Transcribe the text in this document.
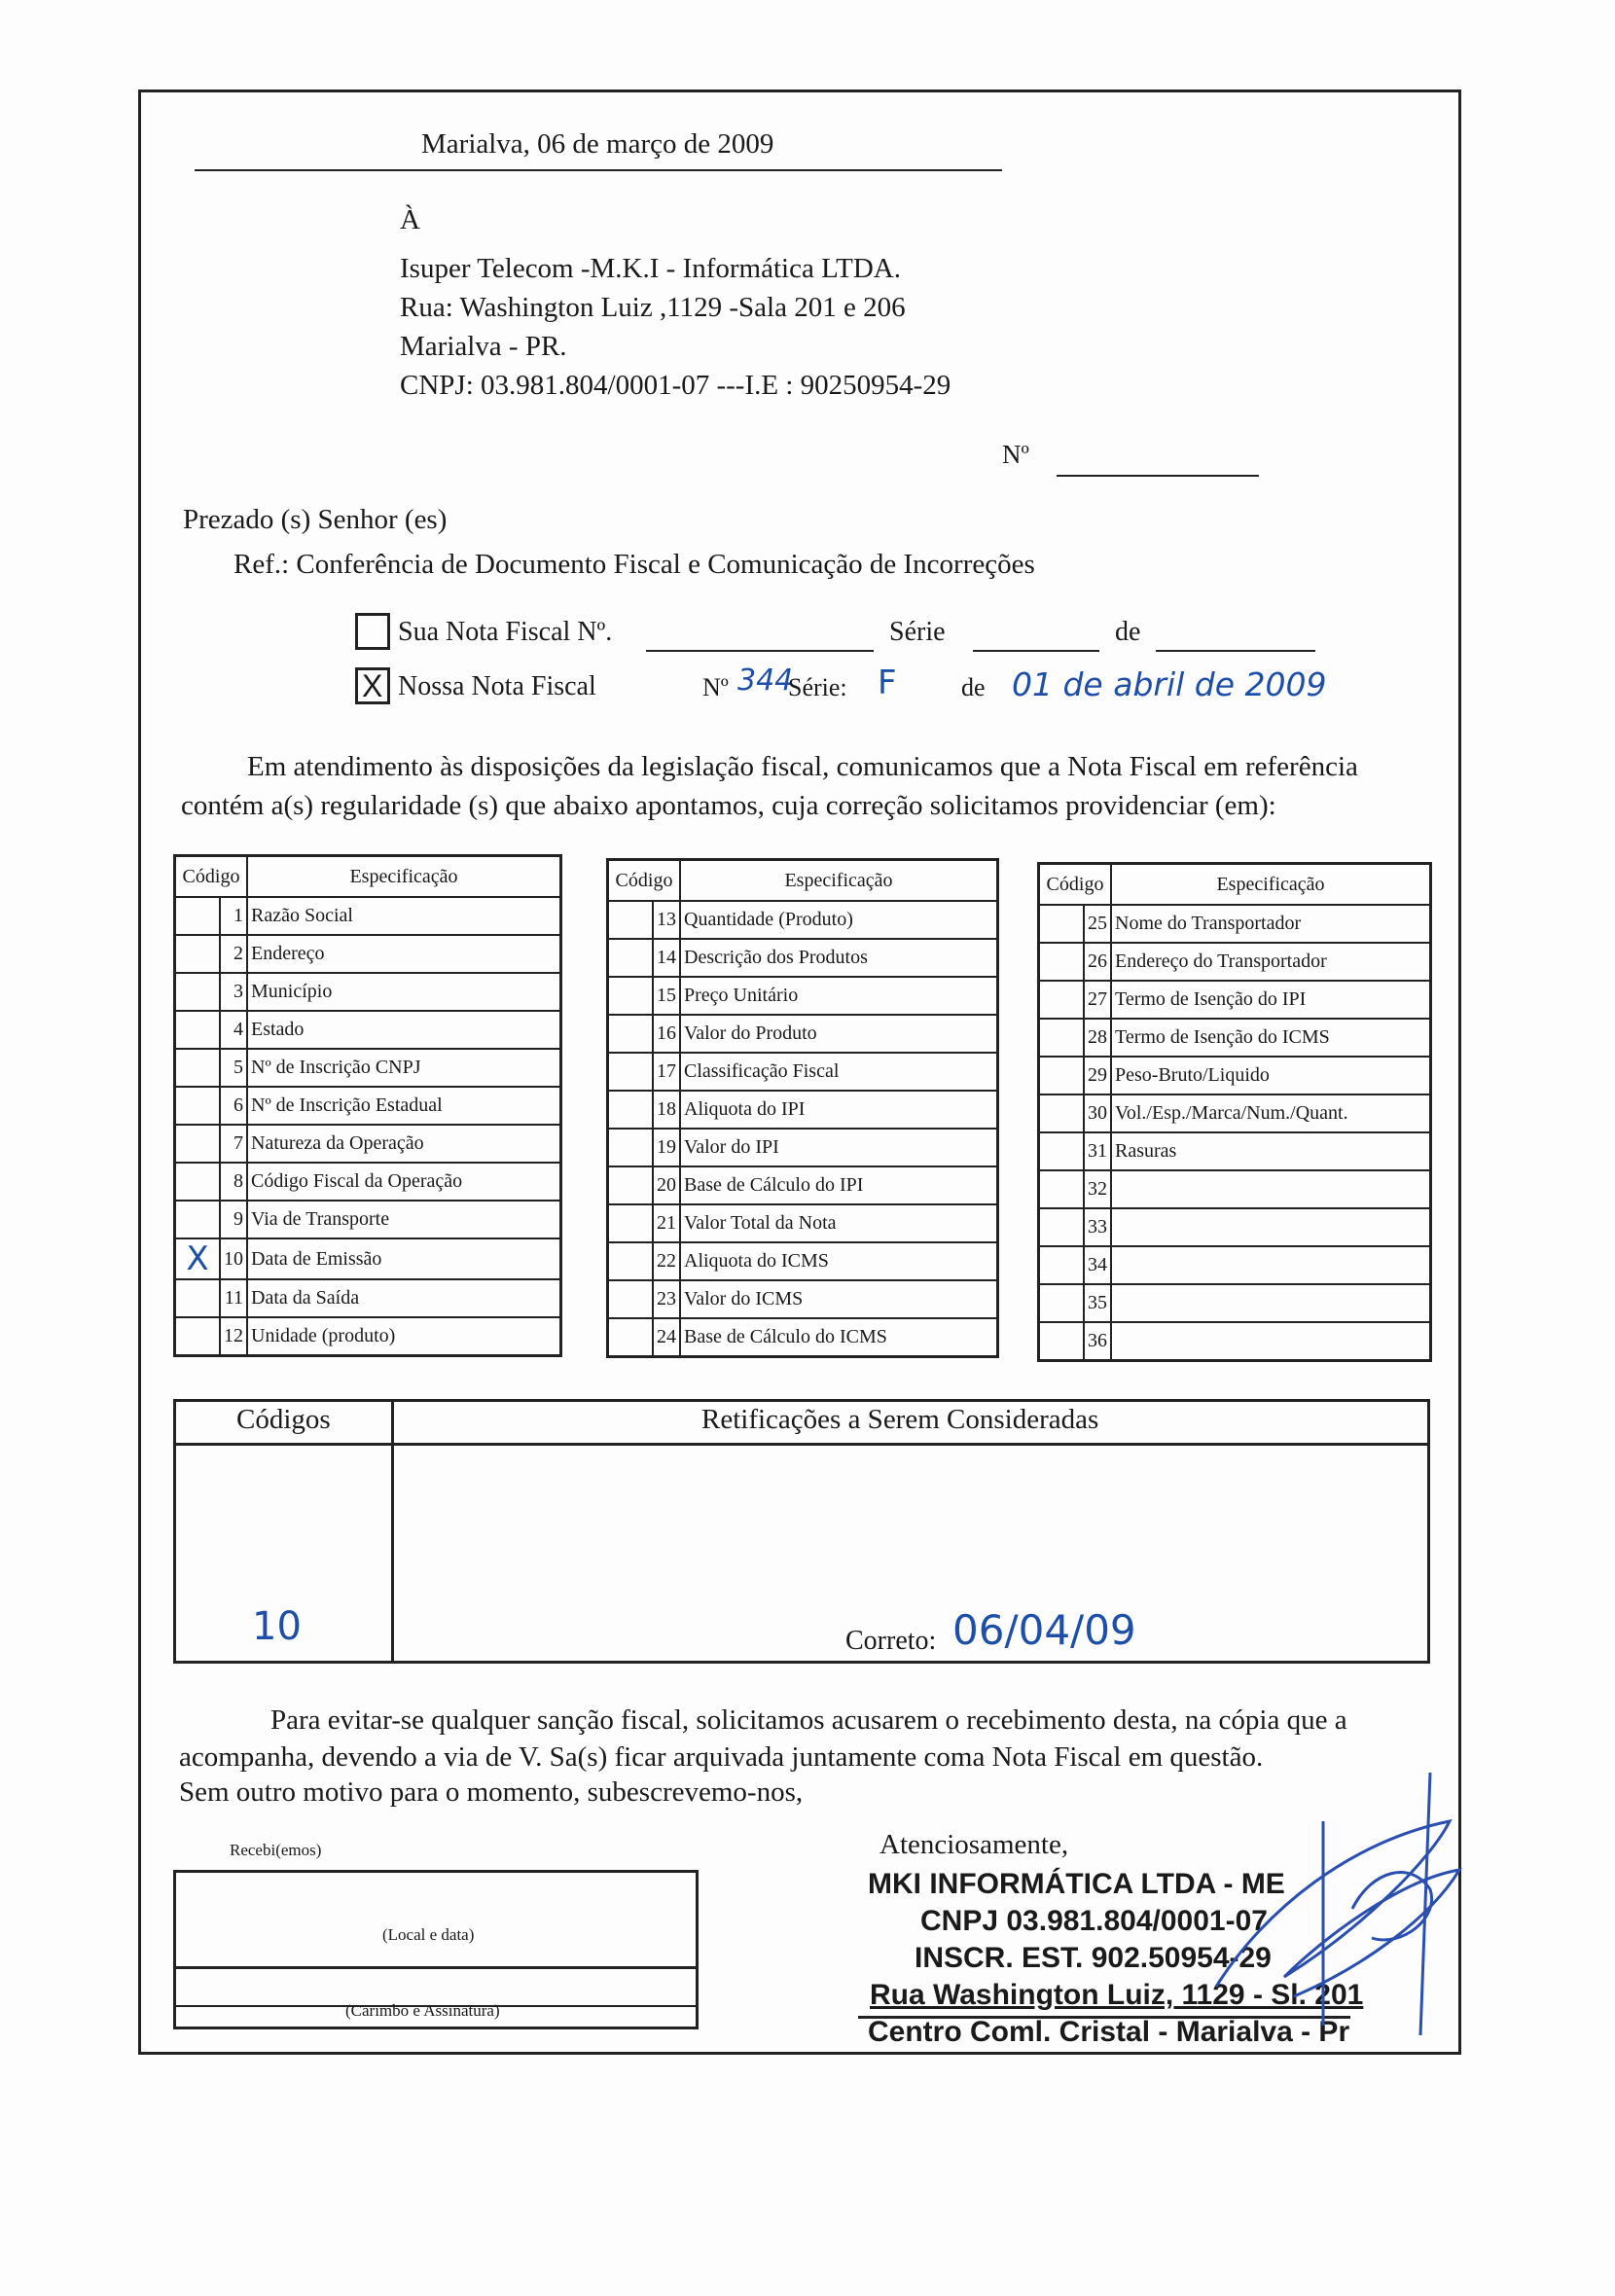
Marialva, 06 de março de 2009
À
Isuper Telecom -M.K.I - Informática LTDA.
Rua: Washington Luiz ,1129 -Sala 201 e 206
Marialva - PR.
CNPJ: 03.981.804/0001-07 ---I.E : 90250954-29
Nº
Prezado (s) Senhor (es)
Ref.: Conferência de Documento Fiscal e Comunicação de Incorreções
Sua Nota Fiscal Nº.	Série	de
X Nossa Nota Fiscal	Nº 344
Série: F	de 01 de abril de 2009
Em atendimento às disposições da legislação fiscal, comunicamos que a Nota Fiscal em referência
contém a(s) regularidade (s) que abaixo apontamos, cuja correção solicitamos providenciar (em):
Código		Especificação
	1	Razão Social
	2	Endereço
	3	Município
	4	Estado
	5	Nº de Inscrição CNPJ
	6	Nº de Inscrição Estadual
	7	Natureza da Operação
	8	Código Fiscal da Operação
	9	Via de Transporte
X	10	Data de Emissão
	11	Data da Saída
	12	Unidade (produto)
Código		Especificação
	13	Quantidade (Produto)
	14	Descrição dos Produtos
	15	Preço Unitário
	16	Valor do Produto
	17	Classificação Fiscal
	18	Aliquota do IPI
	19	Valor do IPI
	20	Base de Cálculo do IPI
	21	Valor Total da Nota
	22	Aliquota do ICMS
	23	Valor do ICMS
	24	Base de Cálculo do ICMS
Código		Especificação
	25	Nome do Transportador
	26	Endereço do Transportador
	27	Termo de Isenção do IPI
	28	Termo de Isenção do ICMS
	29	Peso-Bruto/Liquido
	30	Vol./Esp./Marca/Num./Quant.
	31	Rasuras
	32	
	33	
	34	
	35	
	36	
Códigos	Retificações a Serem Consideradas
10	Correto: 06/04/09
Para evitar-se qualquer sanção fiscal, solicitamos acusarem o recebimento desta, na cópia que a
acompanha, devendo a via de V. Sa(s) ficar arquivada juntamente coma Nota Fiscal em questão.
Sem outro motivo para o momento, subescrevemo-nos,
Recebi(emos)
(Local e data)
(Carimbo e Assinatura)
Atenciosamente,
MKI INFORMÁTICA LTDA - ME
CNPJ 03.981.804/0001-07
INSCR. EST. 902.50954-29
Rua Washington Luiz, 1129 - Sl. 201
Centro Coml. Cristal - Marialva - Pr
